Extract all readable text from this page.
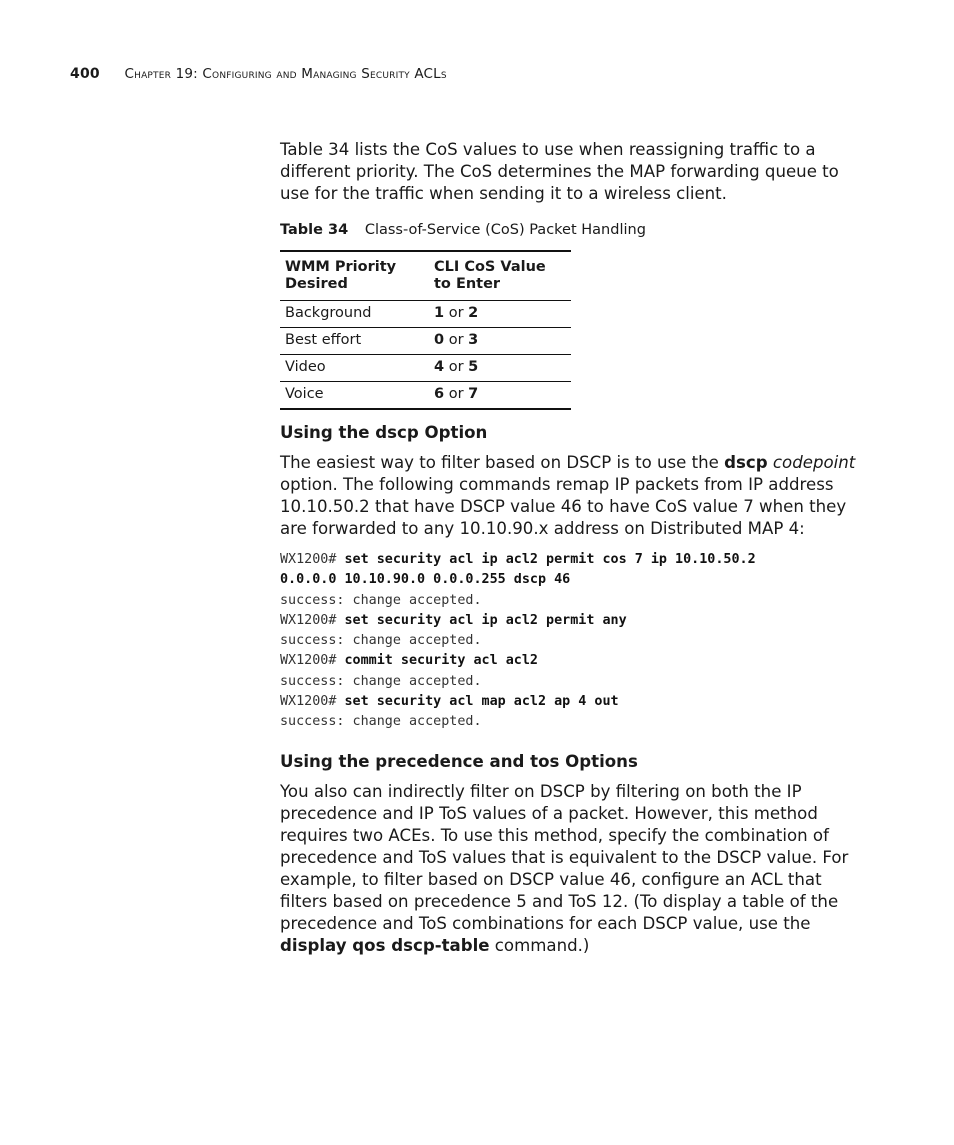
400 Chapter 19: Configuring and Managing Security ACLs

Table 34 lists the CoS values to use when reassigning traffic to a different priority. The CoS determines the MAP forwarding queue to use for the traffic when sending it to a wireless client.

Table 34 Class-of-Service (CoS) Packet Handling
WMM Priority Desired	CLI CoS Value to Enter
Background	1 or 2
Best effort	0 or 3
Video	4 or 5
Voice	6 or 7
Using the dscp Option

The easiest way to filter based on DSCP is to use the dscp codepoint option. The following commands remap IP packets from IP address 10.10.50.2 that have DSCP value 46 to have CoS value 7 when they are forwarded to any 10.10.90.x address on Distributed MAP 4:

WX1200# set security acl ip acl2 permit cos 7 ip 10.10.50.2
0.0.0.0 10.10.90.0 0.0.0.255 dscp 46
success: change accepted.
WX1200# set security acl ip acl2 permit any
success: change accepted.
WX1200# commit security acl acl2
success: change accepted.
WX1200# set security acl map acl2 ap 4 out
success: change accepted.
Using the precedence and tos Options

You also can indirectly filter on DSCP by filtering on both the IP precedence and IP ToS values of a packet. However, this method requires two ACEs. To use this method, specify the combination of precedence and ToS values that is equivalent to the DSCP value. For example, to filter based on DSCP value 46, configure an ACL that filters based on precedence 5 and ToS 12. (To display a table of the precedence and ToS combinations for each DSCP value, use the display qos dscp-table command.)
